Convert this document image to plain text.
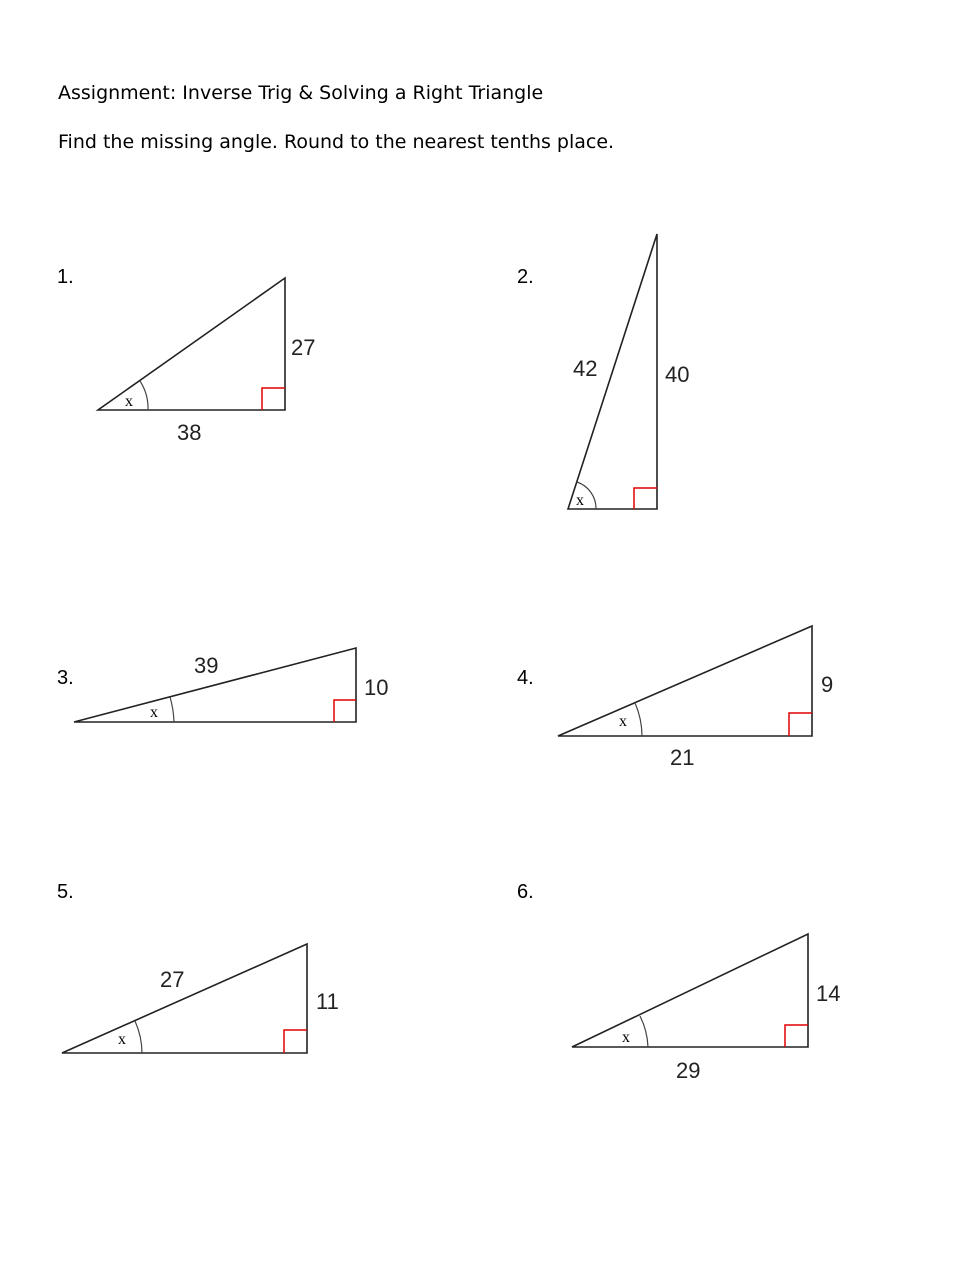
Assignment: Inverse Trig & Solving a Right Triangle
Find the missing angle. Round to the nearest tenths place.
1.	2.
3.	4.
5.	6.
x
27
38
x
42	40
x
39
10
x
9
21
x
27
11
x
14
29
